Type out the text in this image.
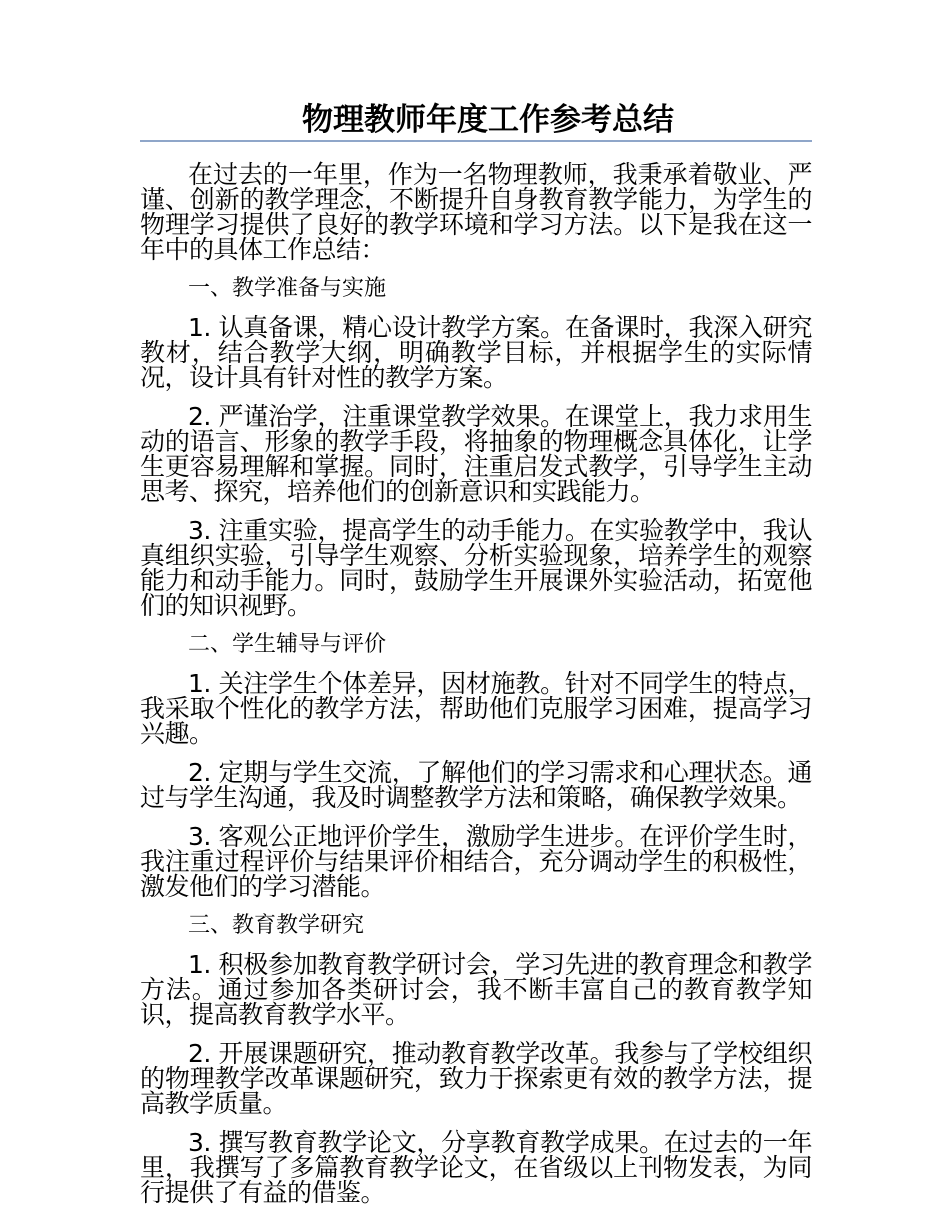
物理教师年度工作参考总结

在过去的一年里，作为一名物理教师，我秉承着敬业、严谨、创新的教学理念，不断提升自身教育教学能力，为学生的物理学习提供了良好的教学环境和学习方法。以下是我在这一年中的具体工作总结：

一、教学准备与实施

1. 认真备课，精心设计教学方案。在备课时，我深入研究教材，结合教学大纲，明确教学目标，并根据学生的实际情况，设计具有针对性的教学方案。

2. 严谨治学，注重课堂教学效果。在课堂上，我力求用生动的语言、形象的教学手段，将抽象的物理概念具体化，让学生更容易理解和掌握。同时，注重启发式教学，引导学生主动思考、探究，培养他们的创新意识和实践能力。

3. 注重实验，提高学生的动手能力。在实验教学中，我认真组织实验，引导学生观察、分析实验现象，培养学生的观察能力和动手能力。同时，鼓励学生开展课外实验活动，拓宽他们的知识视野。

二、学生辅导与评价

1. 关注学生个体差异，因材施教。针对不同学生的特点，我采取个性化的教学方法，帮助他们克服学习困难，提高学习兴趣。

2. 定期与学生交流，了解他们的学习需求和心理状态。通过与学生沟通，我及时调整教学方法和策略，确保教学效果。

3. 客观公正地评价学生，激励学生进步。在评价学生时，我注重过程评价与结果评价相结合，充分调动学生的积极性，激发他们的学习潜能。

三、教育教学研究

1. 积极参加教育教学研讨会，学习先进的教育理念和教学方法。通过参加各类研讨会，我不断丰富自己的教育教学知识，提高教育教学水平。

2. 开展课题研究，推动教育教学改革。我参与了学校组织的物理教学改革课题研究，致力于探索更有效的教学方法，提高教学质量。

3. 撰写教育教学论文，分享教育教学成果。在过去的一年里，我撰写了多篇教育教学论文，在省级以上刊物发表，为同行提供了有益的借鉴。
